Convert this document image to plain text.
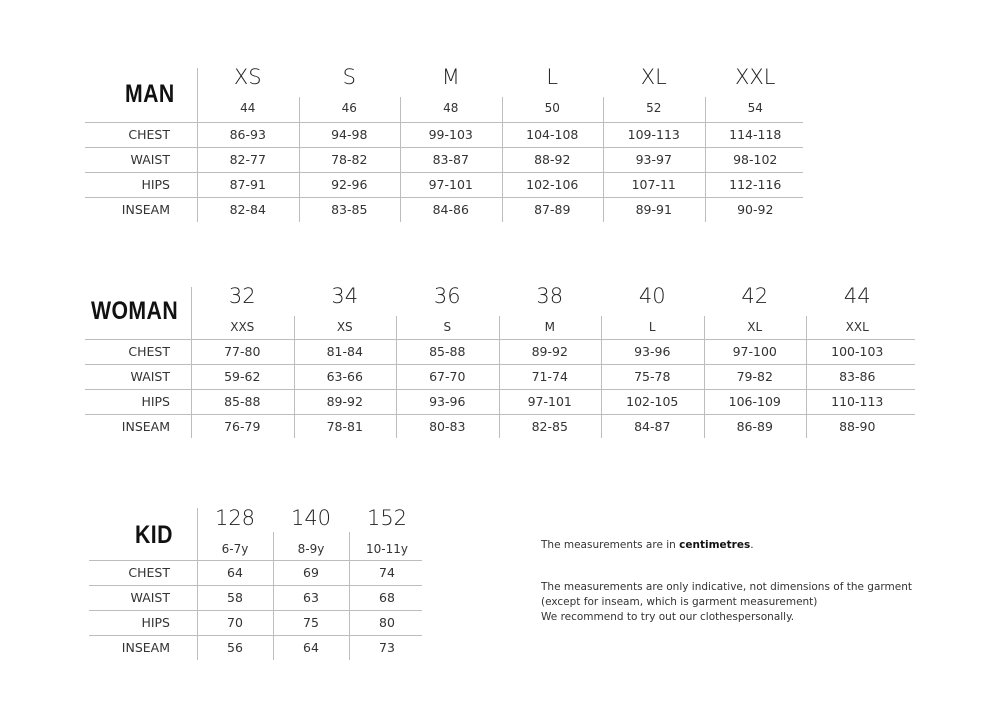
The measurements are in centimetres.
The measurements are only indicative, not dimensions of the garment
(except for inseam, which is garment measurement)
We recommend to try out our clothespersonally.
MAN
CHEST
WAIST
HIPS
INSEAM
XS
44
86-93
82-77
87-91
82-84
S
46
94-98
78-82
92-96
83-85
M
48
99-103
83-87
97-101
84-86
L
50
104-108
88-92
102-106
87-89
XL
52
109-113
93-97
107-11
89-91
XXL
54
114-118
98-102
112-116
90-92
WOMAN
CHEST
WAIST
HIPS
INSEAM
32
XXS
77-80
59-62
85-88
76-79
34
XS
81-84
63-66
89-92
78-81
36
S
85-88
67-70
93-96
80-83
38
M
89-92
71-74
97-101
82-85
40
L
93-96
75-78
102-105
84-87
42
XL
97-100
79-82
106-109
86-89
44
XXL
100-103
83-86
110-113
88-90
KID
CHEST
WAIST
HIPS
INSEAM
128
6-7y
64
58
70
56
140
8-9y
69
63
75
64
152
10-11y
74
68
80
73
